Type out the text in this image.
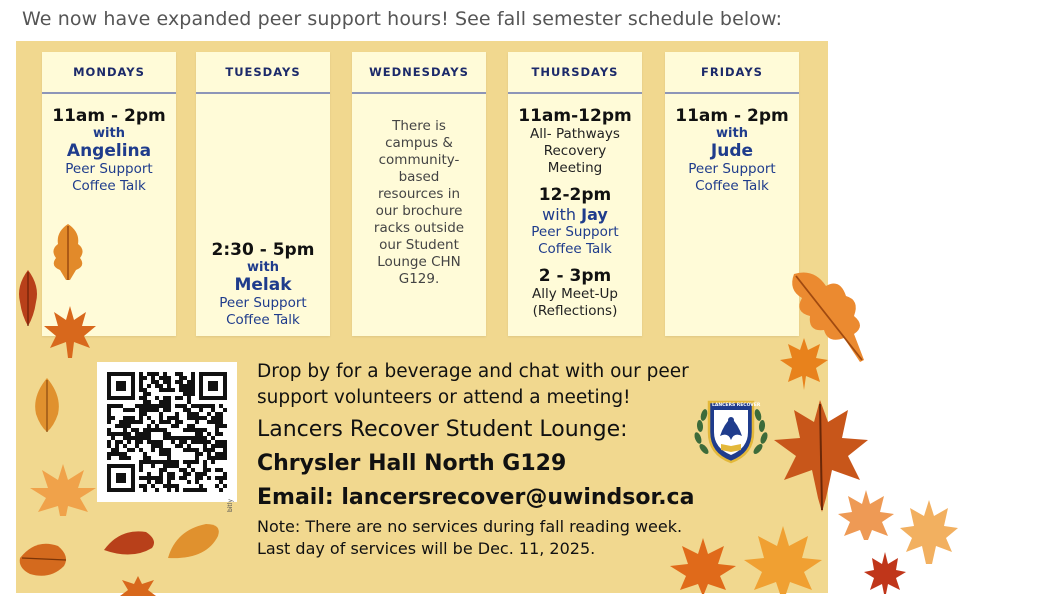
We now have expanded peer support hours! See fall semester schedule below:
MONDAYS
11am - 2pm
with
Angelina
Peer Support
Coffee Talk
TUESDAYS
2:30 - 5pm
with
Melak
Peer Support
Coffee Talk
WEDNESDAYS
There is
campus &
community-
based
resources in
our brochure
racks outside
our Student
Lounge CHN
G129.
THURSDAYS
11am-12pm
All- Pathways
Recovery
Meeting
12-2pm
with Jay
Peer Support
Coffee Talk
2 - 3pm
Ally Meet-Up
(Reflections)
FRIDAYS
11am - 2pm
with
Jude
Peer Support
Coffee Talk
bitly
Drop by for a beverage and chat with our peer
support volunteers or attend a meeting!
Lancers Recover Student Lounge:
Chrysler Hall North G129
Email: lancersrecover@uwindsor.ca
Note: There are no services during fall reading week.
Last day of services will be Dec. 11, 2025.
LANCERS RECOVER
